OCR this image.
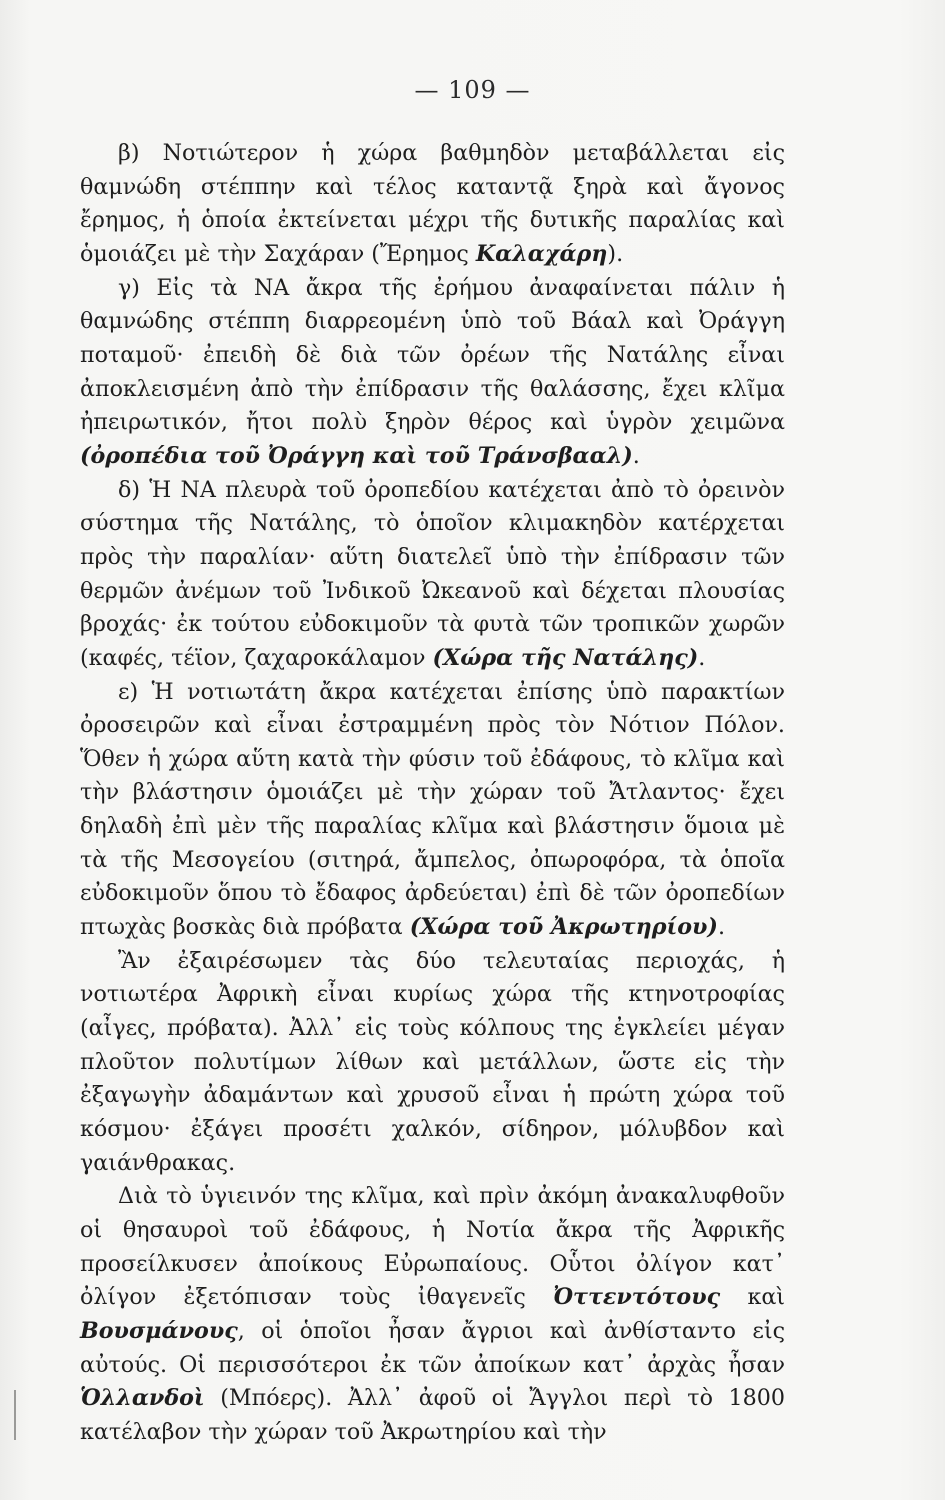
— 109 —

β) Νοτιώτερον ἡ χώρα βαθμηδὸν μεταβάλλεται εἰς θαμνώδη στέππην καὶ τέλος καταντᾷ ξηρὰ καὶ ἄγονος ἔρημος, ἡ ὁποία ἐκτείνεται μέχρι τῆς δυτικῆς παραλίας καὶ ὁμοιάζει μὲ τὴν Σαχάραν (Ἔρημος Καλαχάρη).

γ) Εἰς τὰ ΝΑ ἄκρα τῆς ἐρήμου ἀναφαίνεται πάλιν ἡ θαμνώδης στέππη διαρρεομένη ὑπὸ τοῦ Βάαλ καὶ Ὀράγγη ποταμοῦ· ἐπειδὴ δὲ διὰ τῶν ὀρέων τῆς Νατάλης εἶναι ἀποκλεισμένη ἀπὸ τὴν ἐπίδρασιν τῆς θαλάσσης, ἔχει κλῖμα ἠπειρωτικόν, ἤτοι πολὺ ξηρὸν θέρος καὶ ὑγρὸν χειμῶνα (ὀροπέδια τοῦ Ὀράγγη καὶ τοῦ Τράνσβααλ).

δ) Ἡ ΝΑ πλευρὰ τοῦ ὀροπεδίου κατέχεται ἀπὸ τὸ ὀρεινὸν σύστημα τῆς Νατάλης, τὸ ὁποῖον κλιμακηδὸν κατέρχεται πρὸς τὴν παραλίαν· αὕτη διατελεῖ ὑπὸ τὴν ἐπίδρασιν τῶν θερμῶν ἀνέμων τοῦ Ἰνδικοῦ Ὠκεανοῦ καὶ δέχεται πλουσίας βροχάς· ἐκ τούτου εὐδοκιμοῦν τὰ φυτὰ τῶν τροπικῶν χωρῶν (καφές, τέϊον, ζαχαροκάλαμον (Χώρα τῆς Νατάλης).

ε) Ἡ νοτιωτάτη ἄκρα κατέχεται ἐπίσης ὑπὸ παρακτίων ὀροσειρῶν καὶ εἶναι ἐστραμμένη πρὸς τὸν Νότιον Πόλον. Ὅθεν ἡ χώρα αὕτη κατὰ τὴν φύσιν τοῦ ἐδάφους, τὸ κλῖμα καὶ τὴν βλάστησιν ὁμοιάζει μὲ τὴν χώραν τοῦ Ἄτλαντος· ἔχει δηλαδὴ ἐπὶ μὲν τῆς παραλίας κλῖμα καὶ βλάστησιν ὅμοια μὲ τὰ τῆς Μεσογείου (σιτηρά, ἄμπελος, ὀπωροφόρα, τὰ ὁποῖα εὐδοκιμοῦν ὅπου τὸ ἔδαφος ἀρδεύεται) ἐπὶ δὲ τῶν ὀροπεδίων πτωχὰς βοσκὰς διὰ πρόβατα (Χώρα τοῦ Ἀκρωτηρίου).

Ἂν ἐξαιρέσωμεν τὰς δύο τελευταίας περιοχάς, ἡ νοτιωτέρα Ἀφρικὴ εἶναι κυρίως χώρα τῆς κτηνοτροφίας (αἶγες, πρόβατα). Ἀλλ᾽ εἰς τοὺς κόλπους της ἐγκλείει μέγαν πλοῦτον πολυτίμων λίθων καὶ μετάλλων, ὥστε εἰς τὴν ἐξαγωγὴν ἀδαμάντων καὶ χρυσοῦ εἶναι ἡ πρώτη χώρα τοῦ κόσμου· ἐξάγει προσέτι χαλκόν, σίδηρον, μόλυβδον καὶ γαιάνθρακας.

Διὰ τὸ ὑγιεινόν της κλῖμα, καὶ πρὶν ἀκόμη ἀνακαλυφθοῦν οἱ θησαυροὶ τοῦ ἐδάφους, ἡ Νοτία ἄκρα τῆς Ἀφρικῆς προσείλκυσεν ἀποίκους Εὐρωπαίους. Οὗτοι ὀλίγον κατ᾽ ὀλίγον ἐξετόπισαν τοὺς ἰθαγενεῖς Ὀττεντότους καὶ Βουσμάνους, οἱ ὁποῖοι ἦσαν ἄγριοι καὶ ἀνθίσταντο εἰς αὐτούς. Οἱ περισσότεροι ἐκ τῶν ἀποίκων κατ᾽ ἀρχὰς ἦσαν Ὁλλανδοὶ (Μπόερς). Ἀλλ᾽ ἀφοῦ οἱ Ἄγγλοι περὶ τὸ 1800 κατέλαβον τὴν χώραν τοῦ Ἀκρωτηρίου καὶ τὴν
